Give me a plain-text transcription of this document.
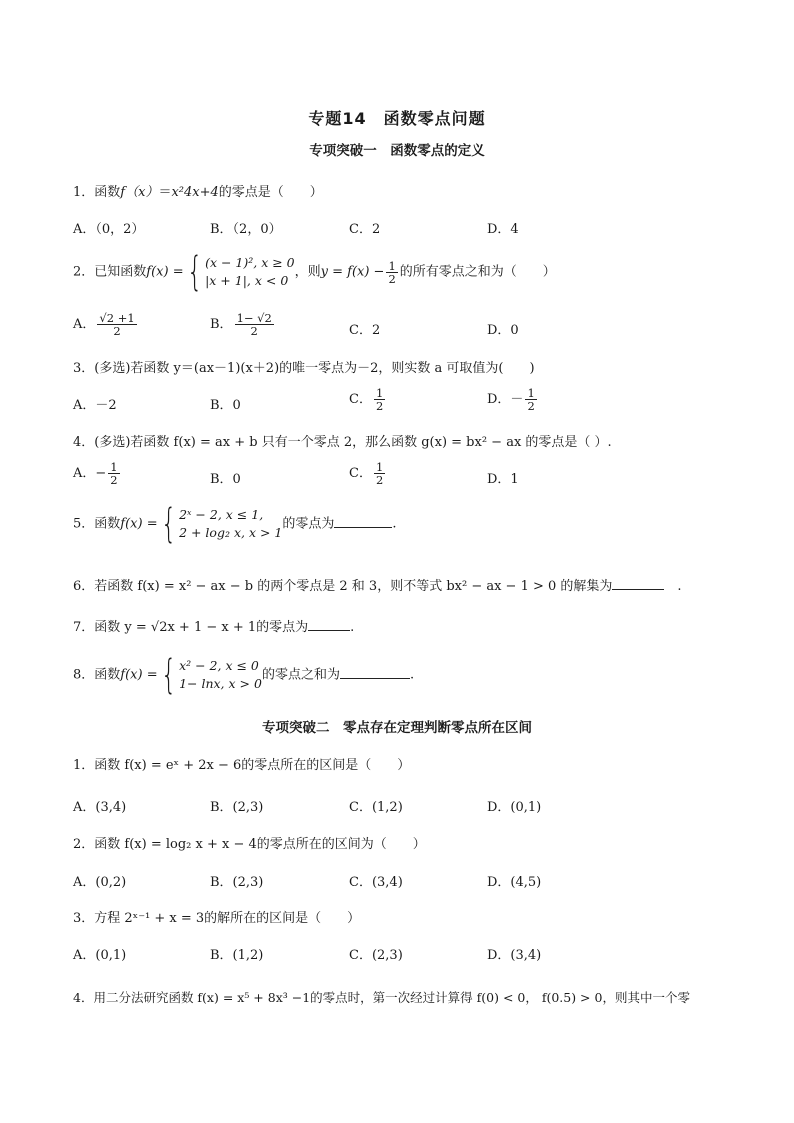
专题14　函数零点问题
专项突破一　函数零点的定义
1．函数f（x）＝x²4x+4的零点是（　　）
A．（0，2）	B．（2，0）	C．2	D．4
2．已知函数f(x) ={ (x − 1)², x ≥ 0
|x + 1|, x < 0
，则$y = f(x) - \frac{1}{2}$ 的所有零点之和为（　　）
A． $\frac{√2 +1}{2}$	B． $\frac{1- √2}{2}$	C．2	D．0
3．(多选)若函数 y＝(ax－1)(x＋2)的唯一零点为－2，则实数 a 可取值为(　　)
A．－2	B．0	C． $\frac{1}{2}$	D．－ $\frac{1}{2}$
4．(多选)若函数 f(x) = ax + b 只有一个零点 2，那么函数 g(x) = bx² − ax 的零点是（ ）.
A．− $\frac{1}{2}$	B．0	C． $\frac{1}{2}$	D．1
5．函数f(x) ={ 2ˣ − 2, x ≤ 1,
2 + log₂ x, x > 1
的零点为	.
6．若函数 f(x) = x² − ax − b 的两个零点是 2 和 3，则不等式 bx² − ax − 1 > 0 的解集为	　.
7．函数 y = √2x + 1 − x + 1的零点为	.
8．函数f(x) ={ x² − 2, x ≤ 0
1− lnx, x > 0
的零点之和为	.
专项突破二　零点存在定理判断零点所在区间
1．函数 f(x) = eˣ + 2x − 6的零点所在的区间是（　　）
A．(3,4)	B．(2,3)	C．(1,2)	D．(0,1)
2．函数 f(x) = log₂ x + x − 4的零点所在的区间为（　　）
A．(0,2)	B．(2,3)	C．(3,4)	D．(4,5)
3．方程 2ˣ⁻¹ + x = 3的解所在的区间是（　　）
A．(0,1)	B．(1,2)	C．(2,3)	D．(3,4)
4．用二分法研究函数 f(x) = x⁵ + 8x³ −1的零点时，第一次经过计算得 f(0) < 0， f(0.5) > 0，则其中一个零
